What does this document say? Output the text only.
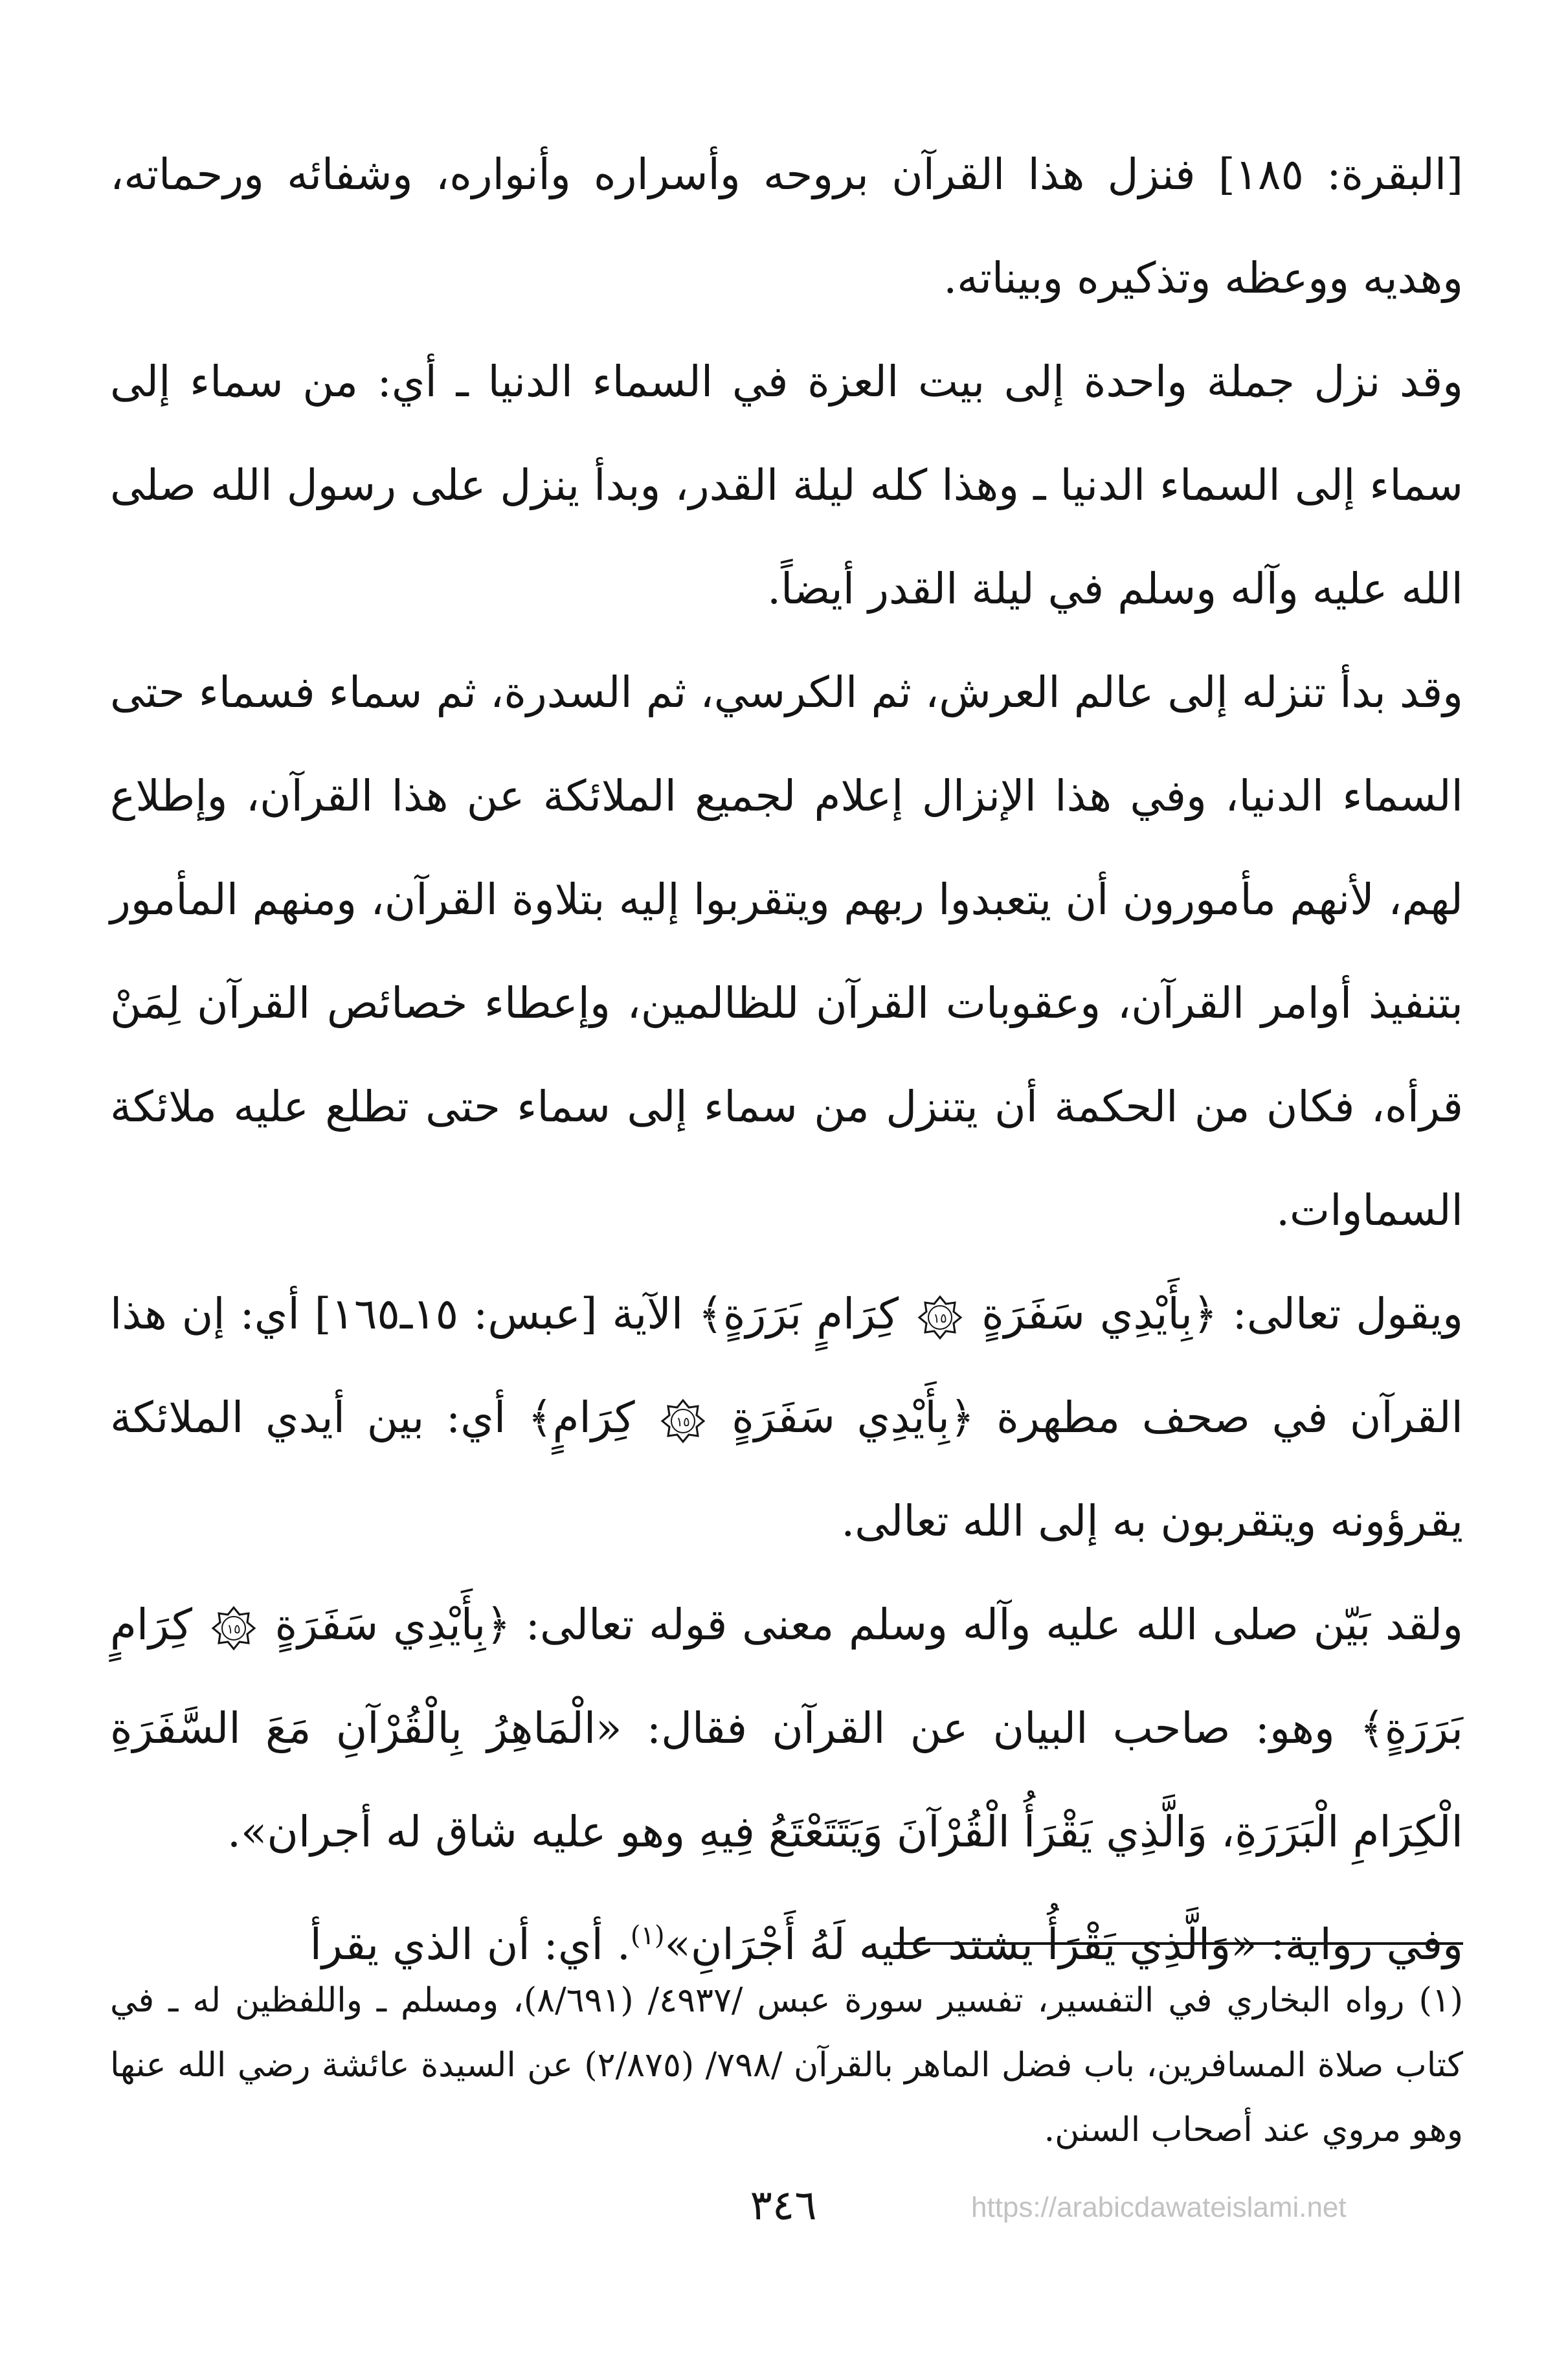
[البقرة: ١٨٥] فنزل هذا القرآن بروحه وأسراره وأنواره، وشفائه ورحماته، وهديه ووعظه وتذكيره وبيناته.

وقد نزل جملة واحدة إلى بيت العزة في السماء الدنيا ـ أي: من سماء إلى سماء إلى السماء الدنيا ـ وهذا كله ليلة القدر، وبدأ ينزل على رسول الله صلى الله عليه وآله وسلم في ليلة القدر أيضاً.

وقد بدأ تنزله إلى عالم العرش، ثم الكرسي، ثم السدرة، ثم سماء فسماء حتى السماء الدنيا، وفي هذا الإنزال إعلام لجميع الملائكة عن هذا القرآن، وإطلاع لهم، لأنهم مأمورون أن يتعبدوا ربهم ويتقربوا إليه بتلاوة القرآن، ومنهم المأمور بتنفيذ أوامر القرآن، وعقوبات القرآن للظالمين، وإعطاء خصائص القرآن لِمَنْ قرأه، فكان من الحكمة أن يتنزل من سماء إلى سماء حتى تطلع عليه ملائكة السماوات.

ويقول تعالى: ﴿بِأَيْدِي سَفَرَةٍ
١٥
كِرَامٍ بَرَرَةٍ﴾ الآية [عبس: ١٥ـ١٦٥] أي: إن هذا القرآن في صحف مطهرة ﴿بِأَيْدِي سَفَرَةٍ
١٥
كِرَامٍ﴾ أي: بين أيدي الملائكة يقرؤونه ويتقربون به إلى الله تعالى.

ولقد بَيّن صلى الله عليه وآله وسلم معنى قوله تعالى: ﴿بِأَيْدِي سَفَرَةٍ
١٥
كِرَامٍ بَرَرَةٍ﴾ وهو: صاحب البيان عن القرآن فقال: «الْمَاهِرُ بِالْقُرْآنِ مَعَ السَّفَرَةِ الْكِرَامِ الْبَرَرَةِ، وَالَّذِي يَقْرَأُ الْقُرْآنَ وَيَتَتَعْتَعُ فِيهِ وهو عليه شاق له أجران».

وفي رواية: «وَالَّذِي يَقْرَأُ يشتد عليه لَهُ أَجْرَانِ»$^{(١)}$. أي: أن الذي يقرأ

(١) رواه البخاري في التفسير، تفسير سورة عبس /٤٩٣٧/ (٨/٦٩١)، ومسلم ـ واللفظين له ـ في كتاب صلاة المسافرين، باب فضل الماهر بالقرآن /٧٩٨/ (٢/٨٧٥) عن السيدة عائشة رضي الله عنها وهو مروي عند أصحاب السنن.

٣٤٦	https://arabicdawateislami.net
